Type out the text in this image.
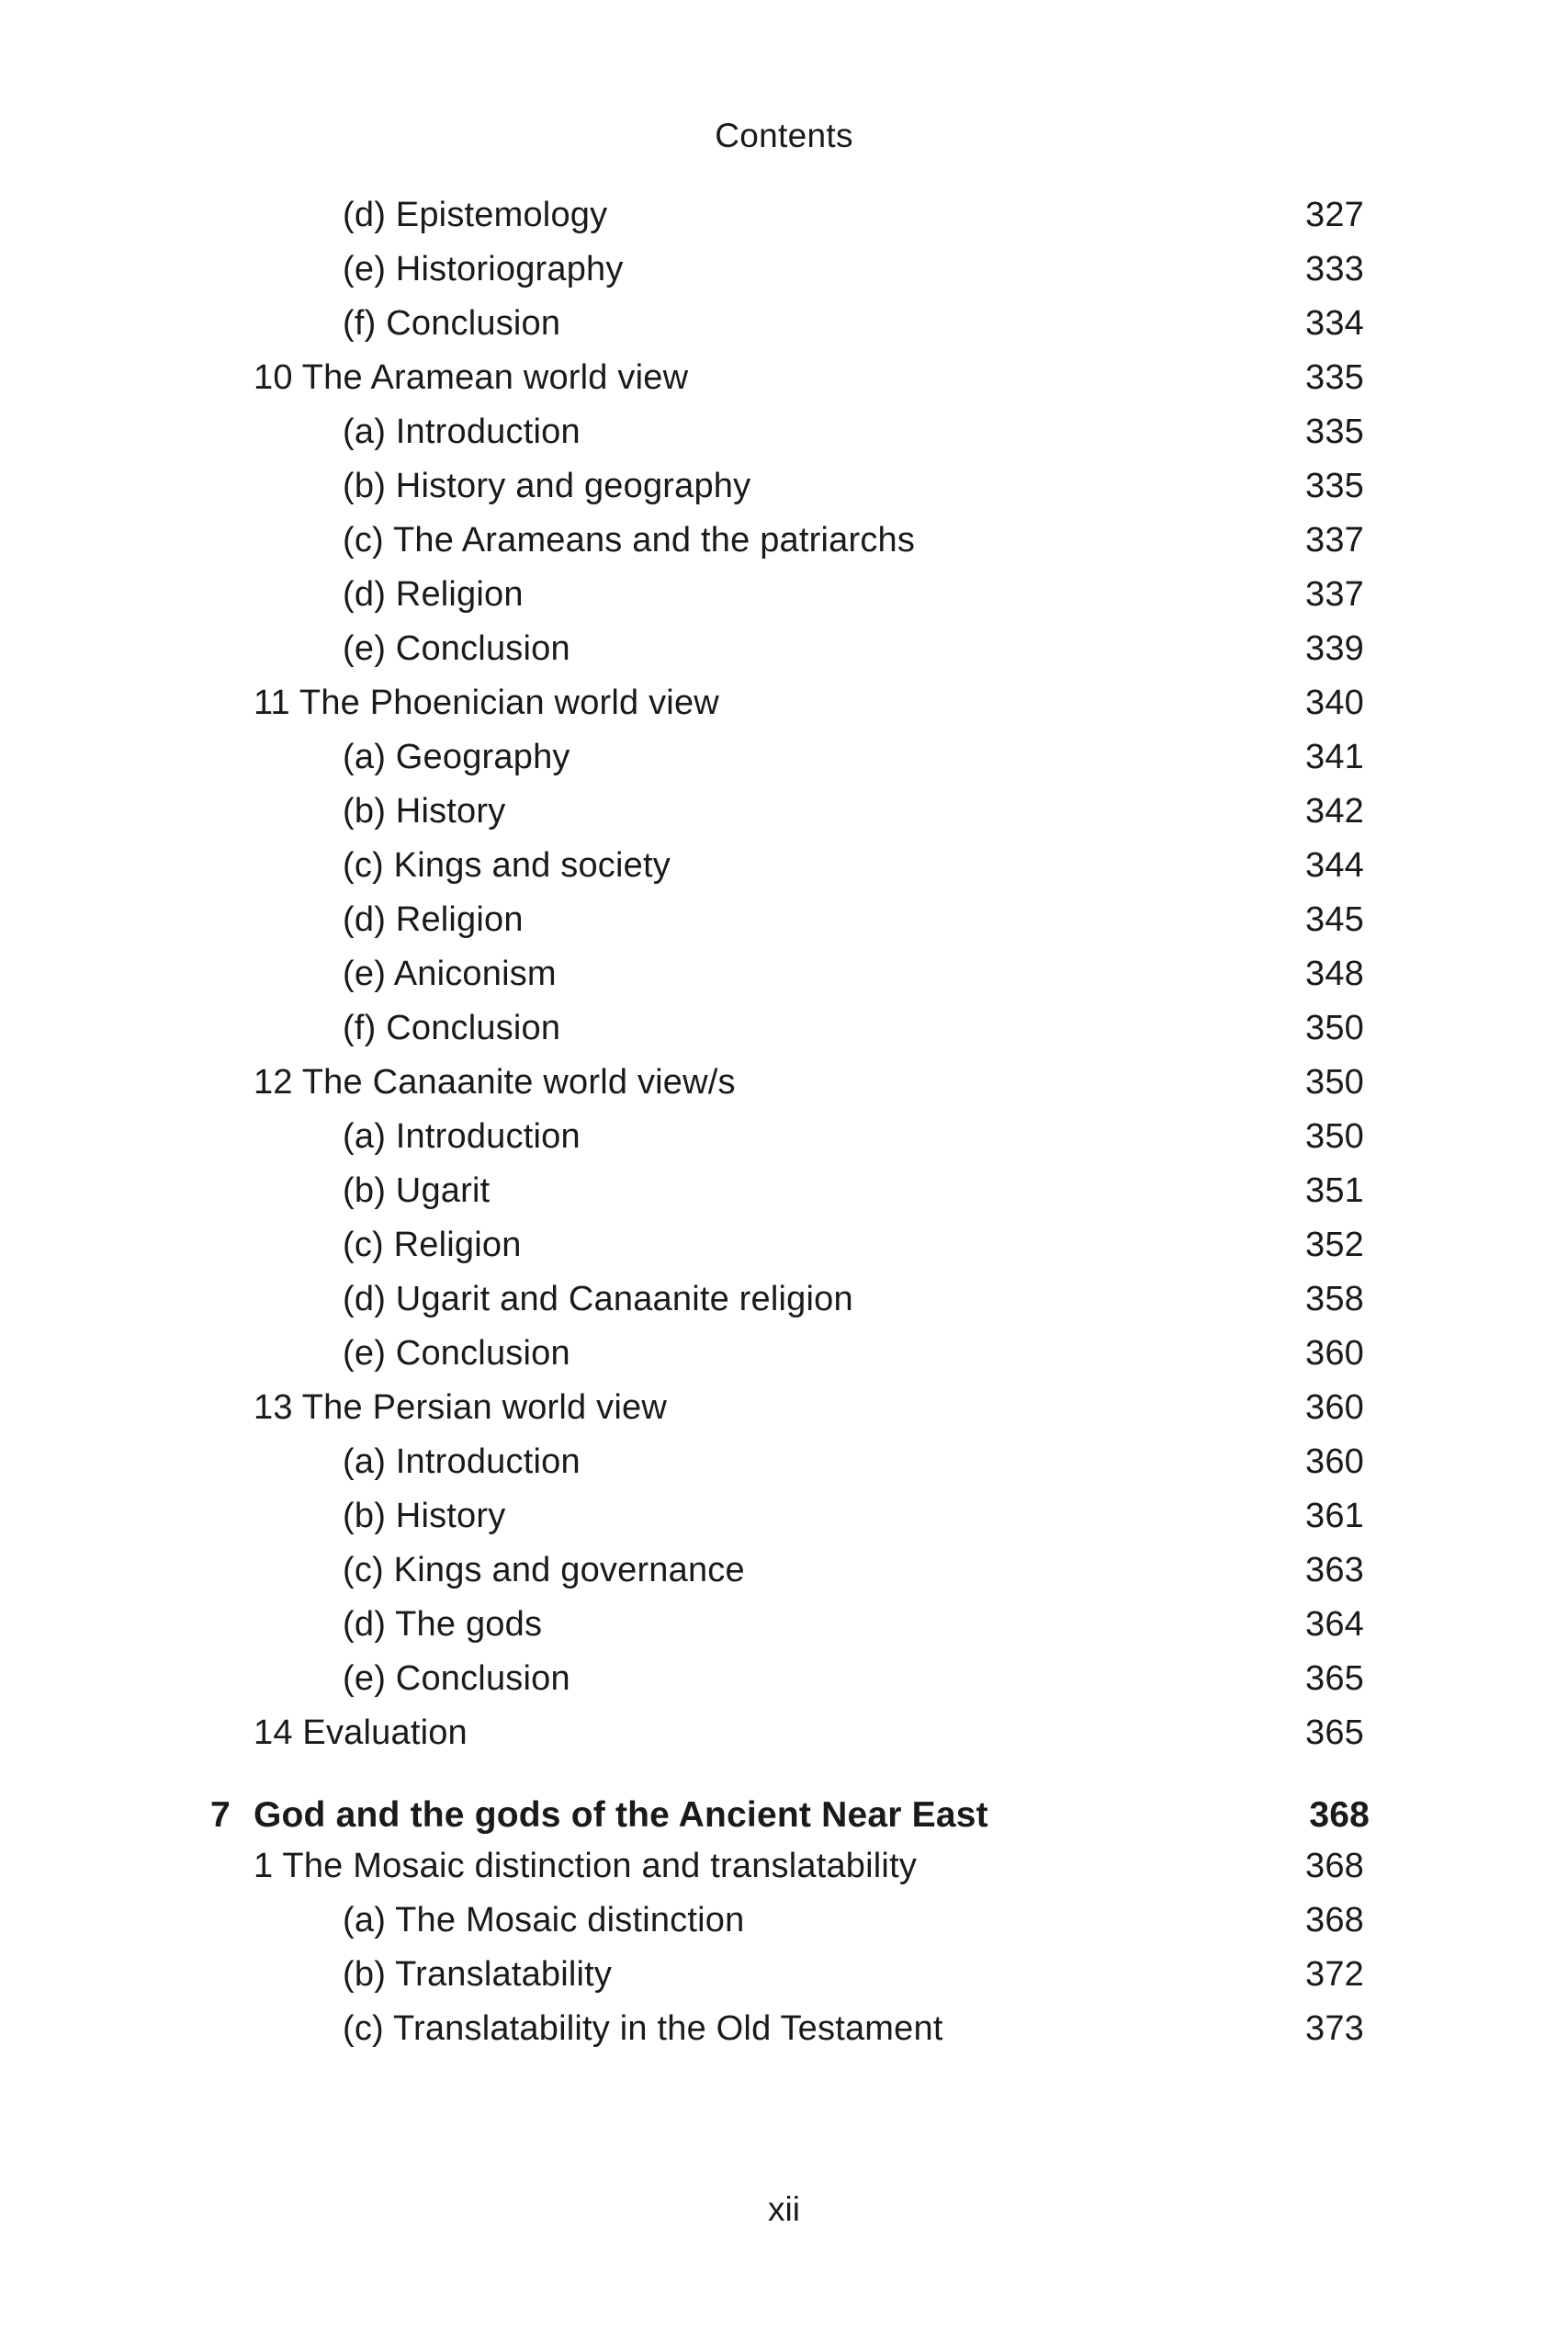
Contents
(d) Epistemology	327
(e) Historiography	333
(f) Conclusion	334
10 The Aramean world view	335
(a) Introduction	335
(b) History and geography	335
(c) The Arameans and the patriarchs	337
(d) Religion	337
(e) Conclusion	339
11 The Phoenician world view	340
(a) Geography	341
(b) History	342
(c) Kings and society	344
(d) Religion	345
(e) Aniconism	348
(f) Conclusion	350
12 The Canaanite world view/s	350
(a) Introduction	350
(b) Ugarit	351
(c) Religion	352
(d) Ugarit and Canaanite religion	358
(e) Conclusion	360
13 The Persian world view	360
(a) Introduction	360
(b) History	361
(c) Kings and governance	363
(d) The gods	364
(e) Conclusion	365
14 Evaluation	365
7 God and the gods of the Ancient Near East	368
1 The Mosaic distinction and translatability	368
(a) The Mosaic distinction	368
(b) Translatability	372
(c) Translatability in the Old Testament	373
xii
